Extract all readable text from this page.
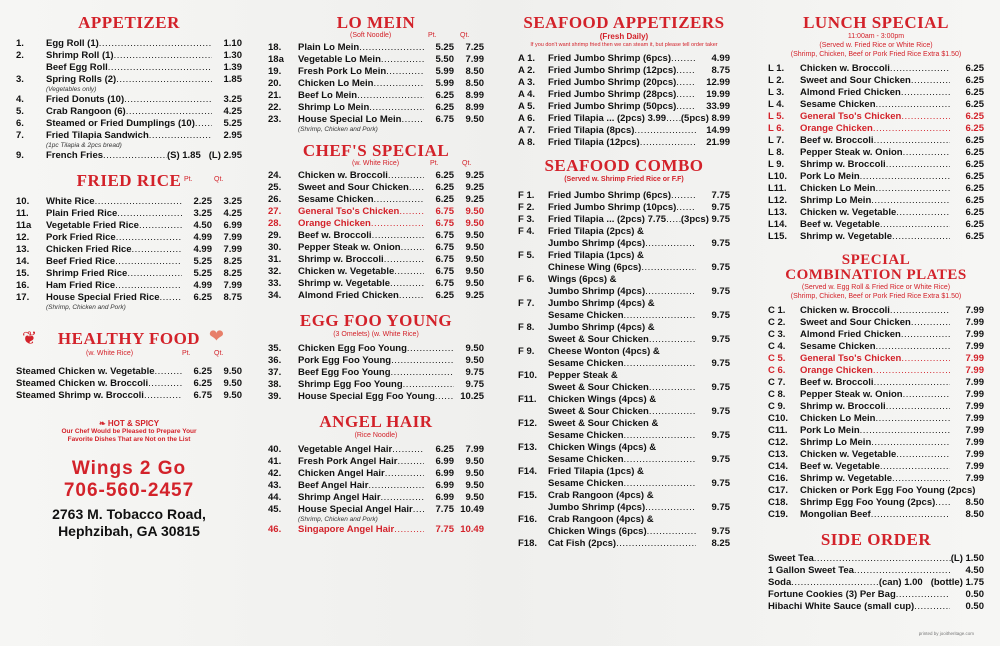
APPETIZER
1.	Egg Roll (1) .....	1.10
2.	Shrimp Roll (1) .....	1.30
Beef Egg Roll .....	1.39
3.	Spring Rolls (2) .....	1.85
(Vegetables only)
4.	Fried Donuts (10) .....	3.25
5.	Crab Rangoon (6) .....	4.25
6.	Steamed or Fried Dumplings (10) .....	5.25
7.	Fried Tilapia Sandwich .....	2.95
(1pc Tilapia & 2pcs bread)
9.	French Fries .....	(S) 1.85 (L) 2.95
FRIED RICE Pt.	Qt.
10.	White Rice .....	2.25	3.25
11.	Plain Fried Rice .....	3.25	4.25
11a	Vegetable Fried Rice .....	4.50	6.99
12.	Pork Fried Rice .....	4.99	7.99
13.	Chicken Fried Rice .....	4.99	7.99
14.	Beef Fried Rice .....	5.25	8.25
15.	Shrimp Fried Rice .....	5.25	8.25
16.	Ham Fried Rice .....	4.99	7.99
17.	House Special Fried Rice .....	6.25	8.75
(Shrimp, Chicken and Pork)
❦	HEALTHY FOOD ❤
(w. White Rice)	Pt.	Qt.
Steamed Chicken w. Vegetable .....	6.25	9.50
Steamed Chicken w. Broccoli .....	6.25	9.50
Steamed Shrimp w. Broccoli .....	6.75	9.50
❧ HOT & SPICY
Our Chef Would be Pleased to Prepare Your
Favorite Dishes That are Not on the List
Wings 2 Go
706-560-2457
2763 M. Tobacco Road,
Hephzibah, GA 30815
LO MEIN
(Soft Noodle)	Pt.	Qt.
18.	Plain Lo Mein .....	5.25	7.25
18a	Vegetable Lo Mein .....	5.50	7.99
19.	Fresh Pork Lo Mein .....	5.99	8.50
20.	Chicken Lo Mein .....	5.99	8.50
21.	Beef Lo Mein .....	6.25	8.99
22.	Shrimp Lo Mein .....	6.25	8.99
23.	House Special Lo Mein .....	6.75	9.50
(Shrimp, Chicken and Pork)
CHEF'S SPECIAL
(w. White Rice)	Pt.	Qt.
24.	Chicken w. Broccoli .....	6.25	9.25
25.	Sweet and Sour Chicken .....	6.25	9.25
26.	Sesame Chicken .....	6.25	9.25
27.	General Tso's Chicken .....	6.75	9.50
28.	Orange Chicken .....	6.75	9.50
29.	Beef w. Broccoli .....	6.75	9.50
30.	Pepper Steak w. Onion .....	6.75	9.50
31.	Shrimp w. Broccoli .....	6.75	9.50
32.	Chicken w. Vegetable .....	6.75	9.50
33.	Shrimp w. Vegetable .....	6.75	9.50
34.	Almond Fried Chicken .....	6.25	9.25
EGG FOO YOUNG
(3 Omelets) (w. White Rice)
35.	Chicken Egg Foo Young .....	9.50
36.	Pork Egg Foo Young .....	9.50
37.	Beef Egg Foo Young .....	9.75
38.	Shrimp Egg Foo Young .....	9.75
39.	House Special Egg Foo Young .....	10.25
ANGEL HAIR
(Rice Noodle)
40.	Vegetable Angel Hair .....	6.25	7.99
41.	Fresh Pork Angel Hair .....	6.99	9.50
42.	Chicken Angel Hair .....	6.99	9.50
43.	Beef Angel Hair .....	6.99	9.50
44.	Shrimp Angel Hair .....	6.99	9.50
45.	House Special Angel Hair .....	7.75 10.49
(Shrimp, Chicken and Pork)
46.	Singapore Angel Hair .....	7.75 10.49
SEAFOOD APPETIZERS
(Fresh Daily)
If you don't want shrimp fried then we can steam it, but please tell order taker
A 1.	Fried Jumbo Shrimp (6pcs) .....	4.99
A 2.	Fried Jumbo Shrimp (12pcs) .....	8.75
A 3.	Fried Jumbo Shrimp (20pcs) .....	12.99
A 4.	Fried Jumbo Shrimp (28pcs) .....	19.99
A 5.	Fried Jumbo Shrimp (50pcs) .....	33.99
A 6.	Fried Tilapia ... (2pcs) 3.99 ..... (5pcs) 8.99
A 7.	Fried Tilapia (8pcs) .....	14.99
A 8.	Fried Tilapia (12pcs) .....	21.99
SEAFOOD COMBO
(Served w. Shrimp Fried Rice or F.F)
F 1.	Fried Jumbo Shrimp (6pcs) .....	7.75
F 2.	Fried Jumbo Shrimp (10pcs) .....	9.75
F 3.	Fried Tilapia ... (2pcs) 7.75 ..... (3pcs) 9.75
F 4.	Fried Tilapia (2pcs) &
Jumbo Shrimp (4pcs) .....	9.75
F 5.	Fried Tilapia (1pcs) &
Chinese Wing (6pcs) .....	9.75
F 6.	Wings (6pcs) &
Jumbo Shrimp (4pcs) .....	9.75
F 7.	Jumbo Shrimp (4pcs) &
Sesame Chicken .....	9.75
F 8.	Jumbo Shrimp (4pcs) &
Sweet & Sour Chicken .....	9.75
F 9.	Cheese Wonton (4pcs) &
Sesame Chicken .....	9.75
F10.	Pepper Steak &
Sweet & Sour Chicken .....	9.75
F11.	Chicken Wings (4pcs) &
Sweet & Sour Chicken .....	9.75
F12.	Sweet & Sour Chicken &
Sesame Chicken .....	9.75
F13.	Chicken Wings (4pcs) &
Sesame Chicken .....	9.75
F14.	Fried Tilapia (1pcs) &
Sesame Chicken .....	9.75
F15.	Crab Rangoon (4pcs) &
Jumbo Shrimp (4pcs) .....	9.75
F16.	Crab Rangoon (4pcs) &
Chicken Wings (6pcs) .....	9.75
F18.	Cat Fish (2pcs) .....	8.25
LUNCH SPECIAL
11:00am - 3:00pm
(Served w. Fried Rice or White Rice)
(Shrimp, Chicken, Beef or Pork Fried Rice Extra $1.50)
L 1.	Chicken w. Broccoli .....	6.25
L 2.	Sweet and Sour Chicken .....	6.25
L 3.	Almond Fried Chicken .....	6.25
L 4.	Sesame Chicken .....	6.25
L 5.	General Tso's Chicken .....	6.25
L 6.	Orange Chicken .....	6.25
L 7.	Beef w. Broccoli .....	6.25
L 8.	Pepper Steak w. Onion .....	6.25
L 9.	Shrimp w. Broccoli .....	6.25
L10.	Pork Lo Mein .....	6.25
L11.	Chicken Lo Mein .....	6.25
L12.	Shrimp Lo Mein .....	6.25
L13.	Chicken w. Vegetable .....	6.25
L14.	Beef w. Vegetable .....	6.25
L15.	Shrimp w. Vegetable .....	6.25
SPECIAL
COMBINATION PLATES
(Served w. Egg Roll & Fried Rice or White Rice)
(Shrimp, Chicken, Beef or Pork Fried Rice Extra $1.50)
C 1.	Chicken w. Broccoli .....	7.99
C 2.	Sweet and Sour Chicken .....	7.99
C 3.	Almond Fried Chicken .....	7.99
C 4.	Sesame Chicken .....	7.99
C 5.	General Tso's Chicken .....	7.99
C 6.	Orange Chicken .....	7.99
C 7.	Beef w. Broccoli .....	7.99
C 8.	Pepper Steak w. Onion .....	7.99
C 9.	Shrimp w. Broccoli .....	7.99
C10.	Chicken Lo Mein .....	7.99
C11.	Pork Lo Mein .....	7.99
C12.	Shrimp Lo Mein .....	7.99
C13.	Chicken w. Vegetable .....	7.99
C14.	Beef w. Vegetable .....	7.99
C16.	Shrimp w. Vegetable .....	7.99
C17.	Chicken or Pork Egg Foo Young (2pcs)
C18.	Shrimp Egg Foo Young (2pcs) .....	8.50
C19.	Mongolian Beef .....	8.50
SIDE ORDER
Sweet Tea .....	(L) 1.50
1 Gallon Sweet Tea .....	4.50
Soda .....	(can) 1.00 (bottle) 1.75
Fortune Cookies (3) Per Bag .....	0.50
Hibachi White Sauce (small cup) .....	0.50
printed by jooitheritage.com
